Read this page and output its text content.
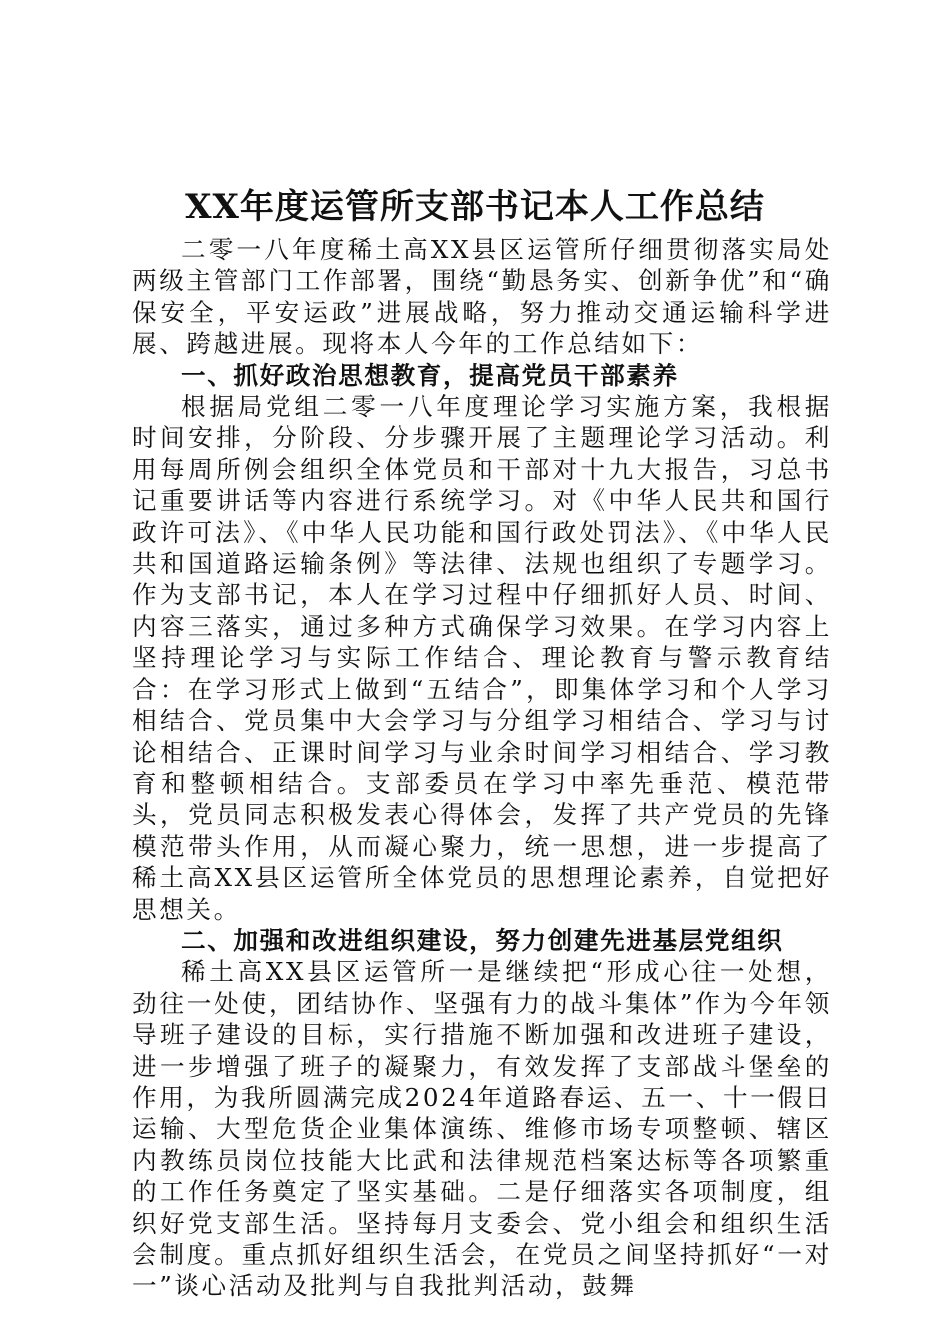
XX年度运管所支部书记本人工作总结

二零一八年度稀土高XX县区运管所仔细贯彻落实局处两级主管部门工作部署，围绕“勤恳务实、创新争优”和“确保安全，平安运政”进展战略，努力推动交通运输科学进展、跨越进展。现将本人今年的工作总结如下：

一、抓好政治思想教育，提高党员干部素养

根据局党组二零一八年度理论学习实施方案，我根据时间安排，分阶段、分步骤开展了主题理论学习活动。利用每周所例会组织全体党员和干部对十九大报告，习总书记重要讲话等内容进行系统学习。对《中华人民共和国行政许可法》、《中华人民功能和国行政处罚法》、《中华人民共和国道路运输条例》等法律、法规也组织了专题学习。作为支部书记，本人在学习过程中仔细抓好人员、时间、内容三落实，通过多种方式确保学习效果。在学习内容上坚持理论学习与实际工作结合、理论教育与警示教育结合：在学习形式上做到“五结合”，即集体学习和个人学习相结合、党员集中大会学习与分组学习相结合、学习与讨论相结合、正课时间学习与业余时间学习相结合、学习教育和整顿相结合。支部委员在学习中率先垂范、模范带头，党员同志积极发表心得体会，发挥了共产党员的先锋模范带头作用，从而凝心聚力，统一思想，进一步提高了稀土高XX县区运管所全体党员的思想理论素养，自觉把好思想关。

二、加强和改进组织建设，努力创建先进基层党组织

稀土高XX县区运管所一是继续把“形成心往一处想，劲往一处使，团结协作、坚强有力的战斗集体”作为今年领导班子建设的目标，实行措施不断加强和改进班子建设，进一步增强了班子的凝聚力，有效发挥了支部战斗堡垒的作用，为我所圆满完成2024年道路春运、五一、十一假日运输、大型危货企业集体演练、维修市场专项整顿、辖区内教练员岗位技能大比武和法律规范档案达标等各项繁重的工作任务奠定了坚实基础。二是仔细落实各项制度，组织好党支部生活。坚持每月支委会、党小组会和组织生活会制度。重点抓好组织生活会，在党员之间坚持抓好“一对一”谈心活动及批判与自我批判活动，鼓舞
